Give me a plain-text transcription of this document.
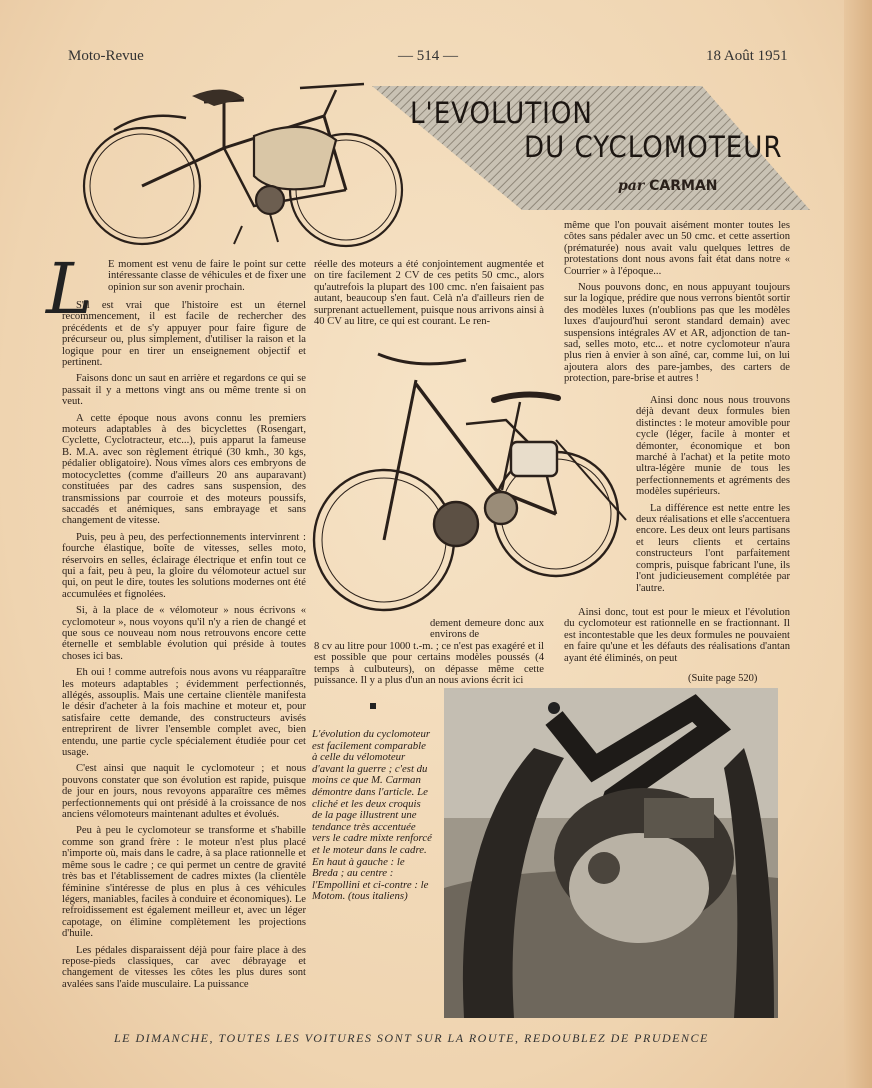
Moto-Revue	— 514 —	18 Août 1951
L'EVOLUTION
DU CYCLOMOTEUR
par CARMAN
L E moment est venu de faire le point sur cette intéressante classe de véhicules et de fixer une opinion sur son avenir prochain.

S'il est vrai que l'histoire est un éternel recommencement, il est facile de rechercher des précédents et de s'y appuyer pour faire figure de précurseur ou, plus simplement, d'utiliser la raison et la logique pour en tirer un enseignement objectif et pertinent.

Faisons donc un saut en arrière et regardons ce qui se passait il y a mettons vingt ans ou même trente si on veut.

A cette époque nous avons connu les premiers moteurs adaptables à des bicyclettes (Rosengart, Cyclette, Cyclotracteur, etc...), puis apparut la fameuse B. M.A. avec son règlement étriqué (30 kmh., 30 kgs, pédalier obligatoire). Nous vîmes alors ces embryons de motocyclettes (comme d'ailleurs 20 ans auparavant) constituées par des cadres sans suspension, des transmissions par courroie et des moteurs poussifs, saccadés et anémiques, sans embrayage et sans changement de vitesse.

Puis, peu à peu, des perfectionnements intervinrent : fourche élastique, boîte de vitesses, selles moto, réservoirs en selles, éclairage électrique et enfin tout ce qui a fait, peu à peu, la gloire du vélomoteur actuel sur qui, on peut le dire, toutes les solutions modernes ont été accumulées et fignolées.

Si, à la place de « vélomoteur » nous écrivons « cyclomoteur », nous voyons qu'il n'y a rien de changé et que sous ce nouveau nom nous retrouvons encore cette éternelle et semblable évolution qui préside à toutes choses ici bas.

Eh oui ! comme autrefois nous avons vu réapparaître les moteurs adaptables ; évidemment perfectionnés, allégés, assouplis. Mais une certaine clientèle manifesta le désir d'acheter à la fois machine et moteur et, pour satisfaire cette demande, des constructeurs avisés entreprirent de livrer l'ensemble complet avec, bien entendu, une partie cycle spécialement étudiée pour cet usage.

C'est ainsi que naquit le cyclomoteur ; et nous pouvons constater que son évolution est rapide, puisque de jour en jours, nous revoyons apparaître ces mêmes perfectionnements qui ont présidé à la croissance de nos anciens vélomoteurs maintenant adultes et évolués.

Peu à peu le cyclomoteur se transforme et s'habille comme son grand frère : le moteur n'est plus placé n'importe où, mais dans le cadre, à sa place rationnelle et même sous le cadre ; ce qui permet un centre de gravité très bas et l'établissement de cadres mixtes (la clientèle féminine s'intéresse de plus en plus à ces véhicules légers, maniables, faciles à conduire et économiques). Le refroidissement est également meilleur et, avec un léger capotage, on élimine complètement les projections d'huile.

Les pédales disparaissent déjà pour faire place à des repose-pieds classiques, car avec débrayage et changement de vitesses les côtes les plus dures sont avalées sans l'aide musculaire. La puissance

réelle des moteurs a été conjointement augmentée et on tire facilement 2 CV de ces petits 50 cmc., alors qu'autrefois la plupart des 100 cmc. n'en faisaient pas autant, beaucoup s'en faut. Celà n'a d'ailleurs rien de surprenant actuellement, puisque nous arrivons ainsi à 40 CV au litre, ce qui est courant. Le ren-

dement demeure donc aux environs de

8 cv au litre pour 1000 t.-m. ; ce n'est pas exagéré et il est possible que pour certains modèles poussés (4 temps à culbuteurs), on dépasse même cette puissance. Il y a plus d'un an nous avions écrit ici

L'évolution du cyclomoteur est facilement comparable à celle du vélomoteur d'avant la guerre ; c'est du moins ce que M. Carman démontre dans l'article. Le cliché et les deux croquis de la page illustrent une tendance très accentuée vers le cadre mixte renforcé et le moteur dans le cadre. En haut à gauche : le Breda ; au centre : l'Empollini et ci-contre : le Motom. (tous italiens)

même que l'on pouvait aisément monter toutes les côtes sans pédaler avec un 50 cmc. et cette assertion (prématurée) nous avait valu quelques lettres de protestations dont nous avons fait état dans notre « Courrier » à l'époque...

Nous pouvons donc, en nous appuyant toujours sur la logique, prédire que nous verrons bientôt sortir des modèles luxes (n'oublions pas que les modèles luxes d'aujourd'hui seront standard demain) avec suspensions intégrales AV et AR, adjonction de tan-sad, selles moto, etc... et notre cyclomoteur n'aura plus rien à envier à son aîné, car, comme lui, on lui ajoutera alors des pare-jambes, des carters de protection, pare-brise et autres !

Ainsi donc nous nous trouvons déjà devant deux formules bien distinctes : le moteur amovible pour cycle (léger, facile à monter et démonter, économique et bon marché à l'achat) et la petite moto ultra-légère munie de tous les perfectionnements et agréments des modèles supérieurs.

La différence est nette entre les deux réalisations et elle s'accentuera encore. Les deux ont leurs partisans et leurs clients et certains constructeurs l'ont parfaitement compris, puisque fabricant l'une, ils l'ont judicieusement complétée par l'autre.

Ainsi donc, tout est pour le mieux et l'évolution du cyclomoteur est rationnelle en se fractionnant. Il est incontestable que les deux formules ne pouvaient en faire qu'une et les défauts des réalisations d'antan ayant été éliminés, on peut

(Suite page 520)
LE DIMANCHE, TOUTES LES VOITURES SONT SUR LA ROUTE, REDOUBLEZ DE PRUDENCE
